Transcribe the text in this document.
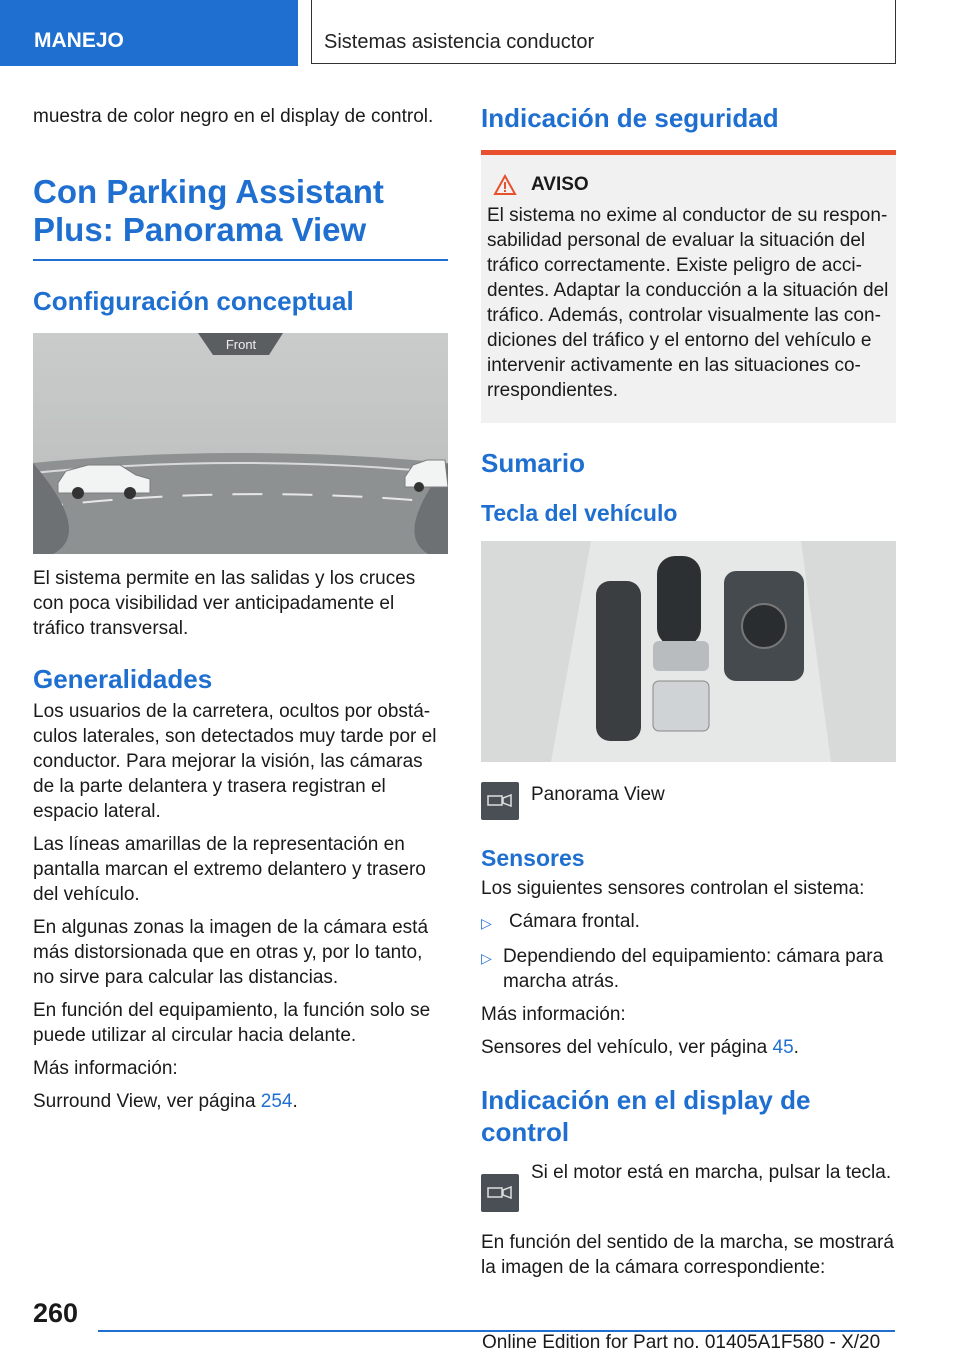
MANEJO	Sistemas asistencia conductor

muestra de color negro en el display de control.

Con Parking Assistant Plus: Panorama View
Configuración conceptual
Front

El sistema permite en las salidas y los cruces con poca visibilidad ver anticipadamente el tráfico transversal.

Generalidades

Los usuarios de la carretera, ocultos por obstáculos laterales, son detectados muy tarde por el conductor. Para mejorar la visión, las cámaras de la parte delantera y trasera registran el espacio lateral.

Las líneas amarillas de la representación en pantalla marcan el extremo delantero y trasero del vehículo.

En algunas zonas la imagen de la cámara está más distorsionada que en otras y, por lo tanto, no sirve para calcular las distancias.

En función del equipamiento, la función solo se puede utilizar al circular hacia delante.

Más información:

Surround View, ver página 254.

Indicación de seguridad
AVISO

El sistema no exime al conductor de su responsabilidad personal de evaluar la situación del tráfico correctamente. Existe peligro de accidentes. Adaptar la conducción a la situación del tráfico. Además, controlar visualmente las condiciones del tráfico y el entorno del vehículo e intervenir activamente en las situaciones correspondientes.

Sumario
Tecla del vehículo

Panorama View

Sensores

Los siguientes sensores controlan el sistema:

▷ Cámara frontal.
▷ Dependiendo del equipamiento: cámara para marcha atrás.

Más información:

Sensores del vehículo, ver página 45.

Indicación en el display de control

Si el motor está en marcha, pulsar la tecla.

En función del sentido de la marcha, se mostrará la imagen de la cámara correspondiente:

260
Online Edition for Part no. 01405A1F580 - X/20
